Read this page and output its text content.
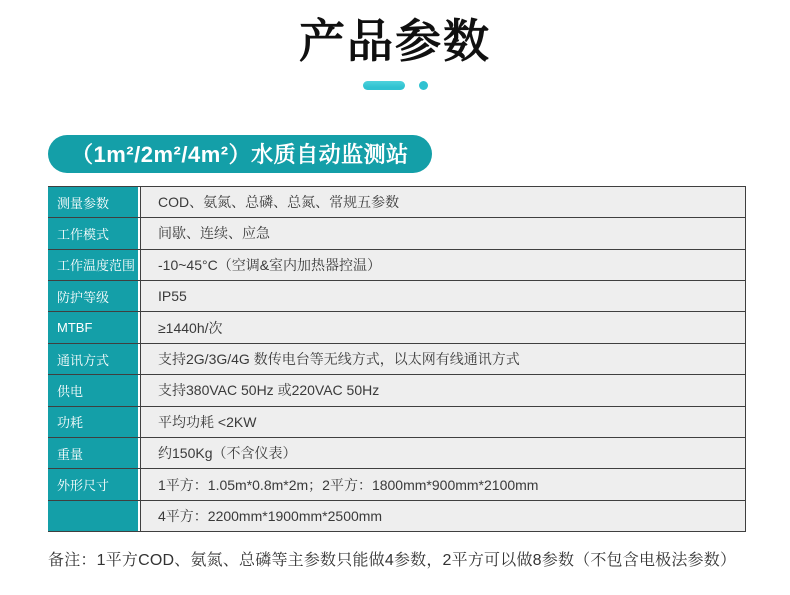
产品参数
（1m²/2m²/4m²）水质自动监测站
测量参数	COD、氨氮、总磷、总氮、常规五参数
工作模式	间歇、连续、应急
工作温度范围	-10~45°C（空调&室内加热器控温）
防护等级	IP55
MTBF	≥1440h/次
通讯方式	支持2G/3G/4G 数传电台等无线方式，以太网有线通讯方式
供电	支持380VAC 50Hz 或220VAC 50Hz
功耗	平均功耗 <2KW
重量	约150Kg（不含仪表）
外形尺寸	1平方：1.05m*0.8m*2m；2平方：1800mm*900mm*2100mm
4平方：2200mm*1900mm*2500mm

备注：1平方COD、氨氮、总磷等主参数只能做4参数，2平方可以做8参数（不包含电极法参数）
